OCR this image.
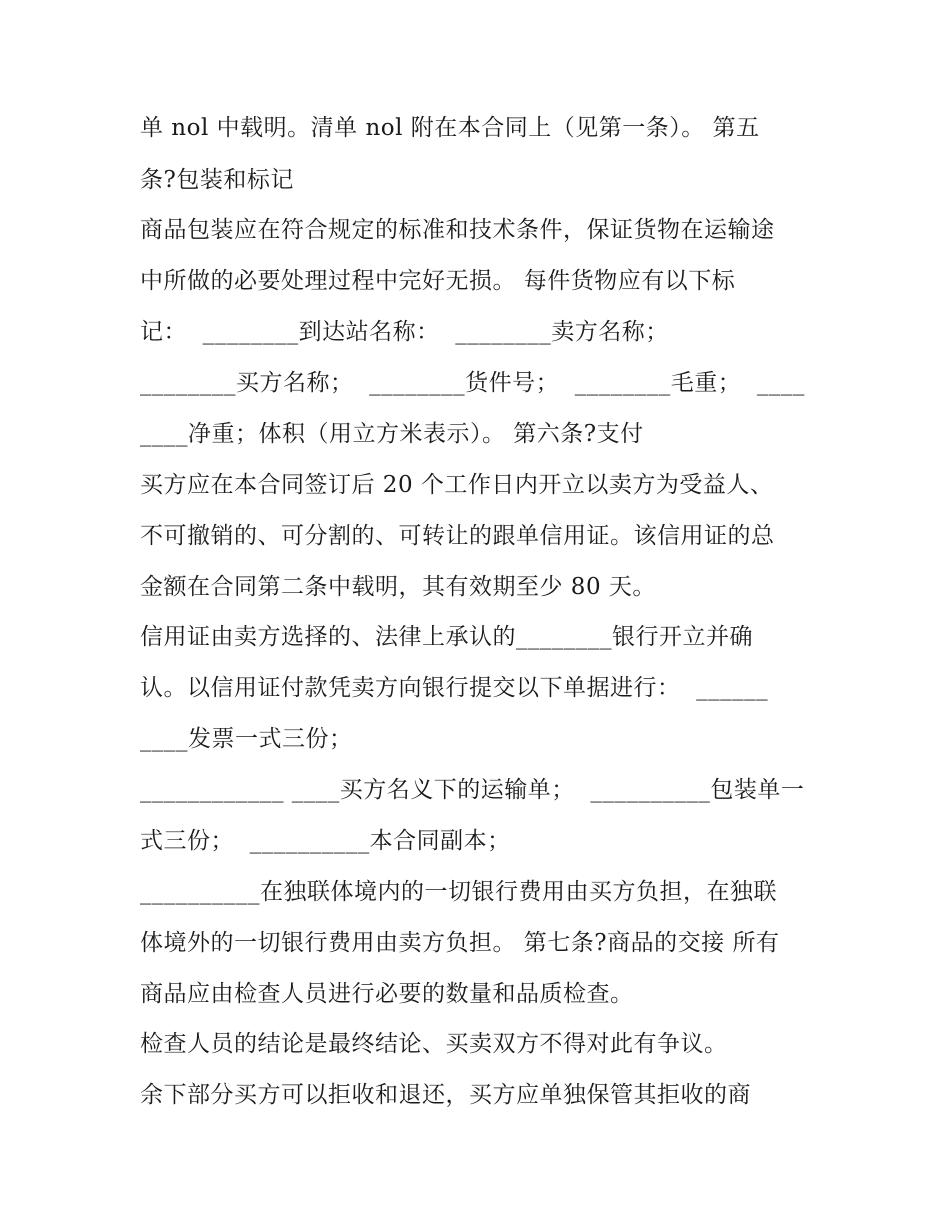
单 nol 中载明。清单 nol 附在本合同上（见第一条）。 第五
条?包装和标记
商品包装应在符合规定的标准和技术条件，保证货物在运输途
中所做的必要处理过程中完好无损。 每件货物应有以下标
记：  ________到达站名称：  ________卖方名称；
________买方名称；  ________货件号；  ________毛重；  ____
____净重；体积（用立方米表示）。 第六条?支付
买方应在本合同签订后 20 个工作日内开立以卖方为受益人、
不可撤销的、可分割的、可转让的跟单信用证。该信用证的总
金额在合同第二条中载明，其有效期至少 80 天。
信用证由卖方选择的、法律上承认的________银行开立并确
认。以信用证付款凭卖方向银行提交以下单据进行：  ______
____发票一式三份；
____________ ____买方名义下的运输单；  __________包装单一
式三份；  __________本合同副本；
__________在独联体境内的一切银行费用由买方负担，在独联
体境外的一切银行费用由卖方负担。 第七条?商品的交接 所有
商品应由检查人员进行必要的数量和品质检查。
检查人员的结论是最终结论、买卖双方不得对此有争议。
余下部分买方可以拒收和退还，买方应单独保管其拒收的商
